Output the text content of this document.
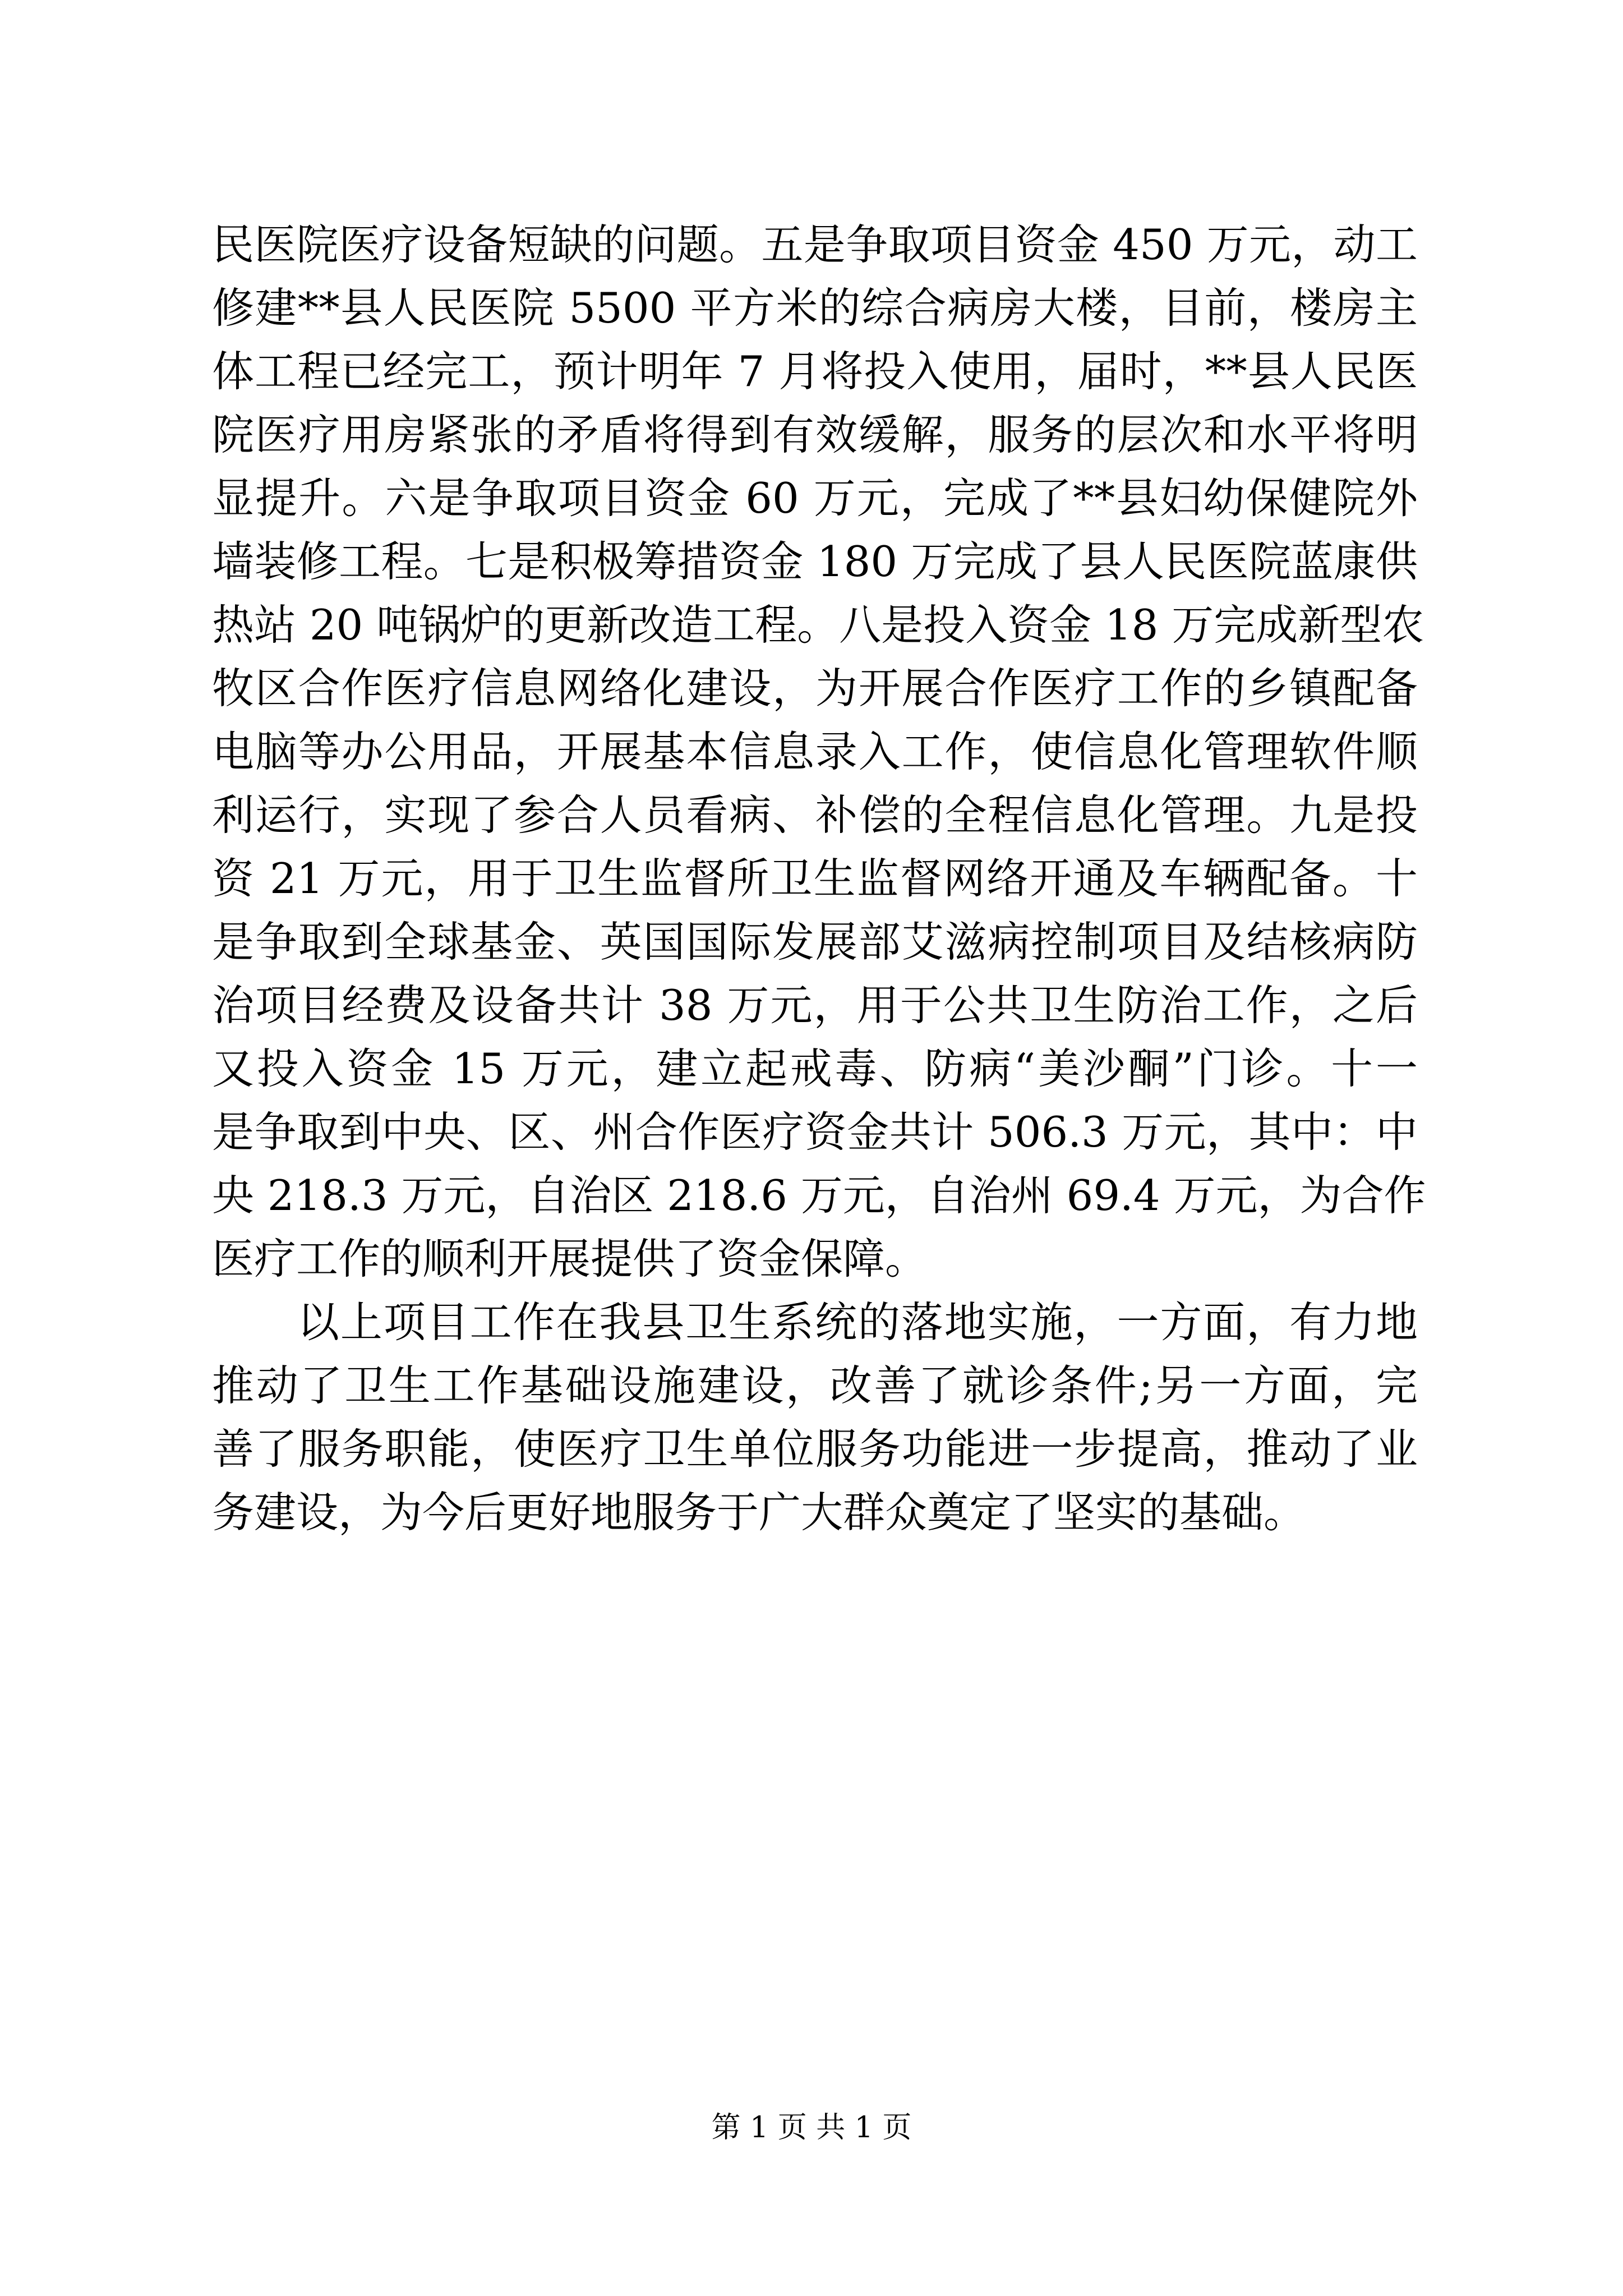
民医院医疗设备短缺的问题。五是争取项目资金 450 万元，动工
修建**县人民医院 5500 平方米的综合病房大楼，目前，楼房主
体工程已经完工，预计明年 7 月将投入使用，届时，**县人民医
院医疗用房紧张的矛盾将得到有效缓解，服务的层次和水平将明
显提升。六是争取项目资金 60 万元，完成了**县妇幼保健院外
墙装修工程。七是积极筹措资金 180 万完成了县人民医院蓝康供
热站 20 吨锅炉的更新改造工程。八是投入资金 18 万完成新型农
牧区合作医疗信息网络化建设，为开展合作医疗工作的乡镇配备
电脑等办公用品，开展基本信息录入工作，使信息化管理软件顺
利运行，实现了参合人员看病、补偿的全程信息化管理。九是投
资 21 万元，用于卫生监督所卫生监督网络开通及车辆配备。十
是争取到全球基金、英国国际发展部艾滋病控制项目及结核病防
治项目经费及设备共计 38 万元，用于公共卫生防治工作，之后
又投入资金 15 万元，建立起戒毒、防病“美沙酮”门诊。十一
是争取到中央、区、州合作医疗资金共计 506.3 万元，其中：中
央 218.3 万元，自治区 218.6 万元，自治州 69.4 万元，为合作
医疗工作的顺利开展提供了资金保障。
以上项目工作在我县卫生系统的落地实施，一方面，有力地
推动了卫生工作基础设施建设，改善了就诊条件;另一方面，完
善了服务职能，使医疗卫生单位服务功能进一步提高，推动了业
务建设，为今后更好地服务于广大群众奠定了坚实的基础。
第 1 页 共 1 页
